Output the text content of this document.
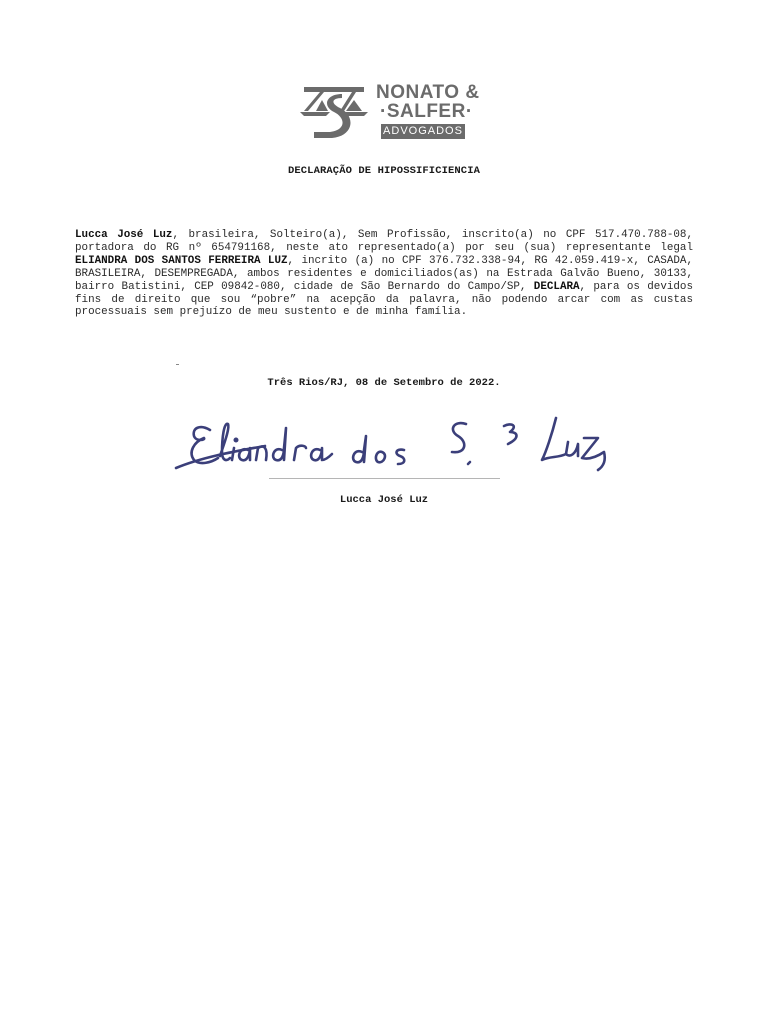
NONATO &
·SALFER·
ADVOGADOS
DECLARAÇÃO DE HIPOSSIFICIENCIA
Lucca José Luz, brasileira, Solteiro(a), Sem Profissão, inscrito(a) no CPF 517.470.788-08, portadora do RG nº 654791168, neste ato representado(a) por seu (sua) representante legal ELIANDRA DOS SANTOS FERREIRA LUZ, incrito (a) no CPF 376.732.338-94, RG 42.059.419-x, CASADA, BRASILEIRA, DESEMPREGADA, ambos residentes e domiciliados(as) na Estrada Galvão Bueno, 30133, bairro Batistini, CEP 09842-080, cidade de São Bernardo do Campo/SP, DECLARA, para os devidos fins de direito que sou “pobre” na acepção da palavra, não podendo arcar com as custas processuais sem prejuízo de meu sustento e de minha família.
Três Rios/RJ, 08 de Setembro de 2022.
Eliandra dos S. Luz
Lucca José Luz
